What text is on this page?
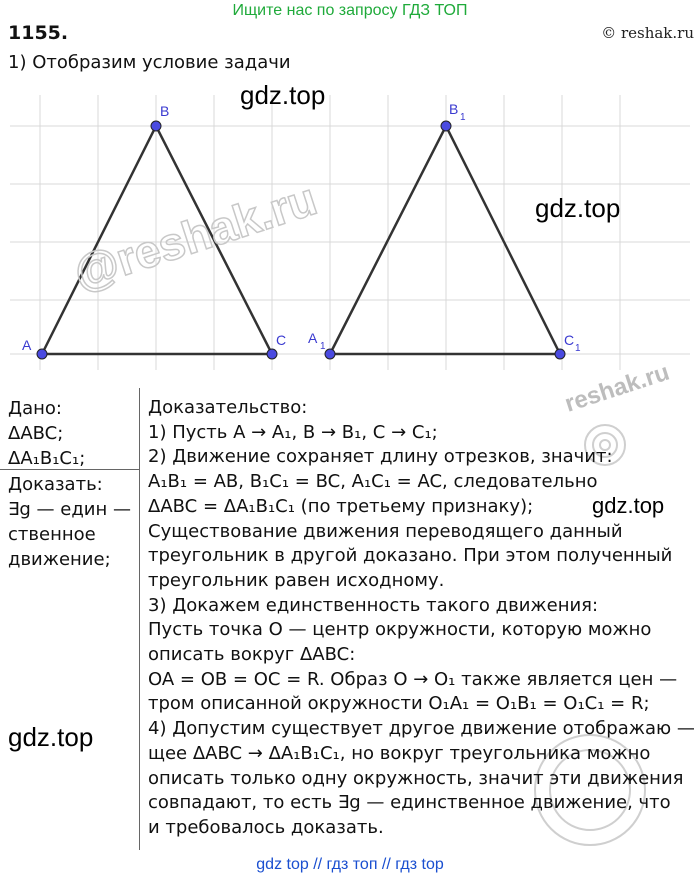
Ищите нас по запросу ГДЗ ТОП
1155.	© reshak.ru
1) Отобразим условие задачи
A
B
C A
1
B
1
C
1
@reshak.ru
gdz.top
gdz.top
gdz.top
gdz.top
reshak.ru
Дано:
ΔABC;
ΔA₁B₁C₁;
Доказать:
∃g — един —
ственное
движение;
Доказательство:
1) Пусть A → A₁, B → B₁, C → C₁;
2) Движение сохраняет длину отрезков, значит:
A₁B₁ = AB, B₁C₁ = BC, A₁C₁ = AC, следовательно
ΔABC = ΔA₁B₁C₁ (по третьему признаку);
Существование движения переводящего данный
треугольник в другой доказано. При этом полученный
треугольник равен исходному.
3) Докажем единственность такого движения:
Пусть точка O — центр окружности, которую можно
описать вокруг ΔABC:
OA = OB = OC = R. Образ O → O₁ также является цен —
тром описанной окружности O₁A₁ = O₁B₁ = O₁C₁ = R;
4) Допустим существует другое движение отображаю —
щее ΔABC → ΔA₁B₁C₁, но вокруг треугольника можно
описать только одну окружность, значит эти движения
совпадают, то есть ∃g — единственное движение, что
и требовалось доказать.
gdz top // гдз топ // гдз top
